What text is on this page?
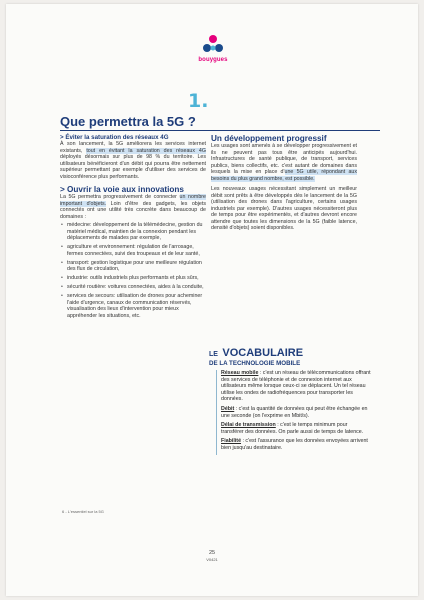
bouygues
1.
Que permettra la 5G ?

> Éviter la saturation des réseaux 4G

À son lancement, la 5G améliorera les services internet existants, tout en évitant la saturation des réseaux 4G déployés désormais sur plus de 98 % du territoire. Les utilisateurs bénéficieront d'un débit qui pourra être nettement supérieur permettant par exemple d'utiliser des services de visioconférence plus performants.

> Ouvrir la voie aux innovations

La 5G permettra progressivement de connecter un nombre important d'objets. Loin d'être des gadgets, les objets connectés ont une utilité très concrète dans beaucoup de domaines :

• médecine: développement de la télémédecine, gestion du matériel médical, maintien de la connexion pendant les déplacements de malades par exemple,
• agriculture et environnement: régulation de l'arrosage, fermes connectées, suivi des troupeaux et de leur santé,
• transport: gestion logistique pour une meilleure régulation des flux de circulation,
• industrie: outils industriels plus performants et plus sûrs,
• sécurité routière: voitures connectées, aides à la conduite,
• services de secours: utilisation de drones pour acheminer l'aide d'urgence, canaux de communication réservés, visualisation des lieux d'intervention pour mieux appréhender les situations, etc.

Un développement progressif

Les usages sont amenés à se développer progressivement et ils ne peuvent pas tous être anticipés aujourd'hui. Infrastructures de santé publique, de transport, services publics, biens collectifs, etc. c'est autant de domaines dans lesquels la mise en place d'une 5G utile, répondant aux besoins du plus grand nombre, est possible.

Les nouveaux usages nécessitant simplement un meilleur débit sont prêts à être développés dès le lancement de la 5G (utilisation des drones dans l'agriculture, certains usages industriels par exemple). D'autres usages nécessiteront plus de temps pour être expérimentés, et d'autres devront encore attendre que toutes les dimensions de la 5G (faible latence, densité d'objets) soient disponibles.

LE VOCABULAIRE

DE LA TECHNOLOGIE MOBILE

Réseau mobile : c'est un réseau de télécommunications offrant des services de téléphonie et de connexion internet aux utilisateurs même lorsque ceux-ci se déplacent. Un tel réseau utilise les ondes de radiofréquences pour transporter les données.

Débit : c'est la quantité de données qui peut être échangée en une seconde (on l'exprime en Mbit/s).

Délai de transmission : c'est le temps minimum pour transférer des données. On parle aussi de temps de latence.

Fiabilité : c'est l'assurance que les données envoyées arrivent bien jusqu'au destinataire.

6 - L'essentiel sur la 5G
25
V0421
